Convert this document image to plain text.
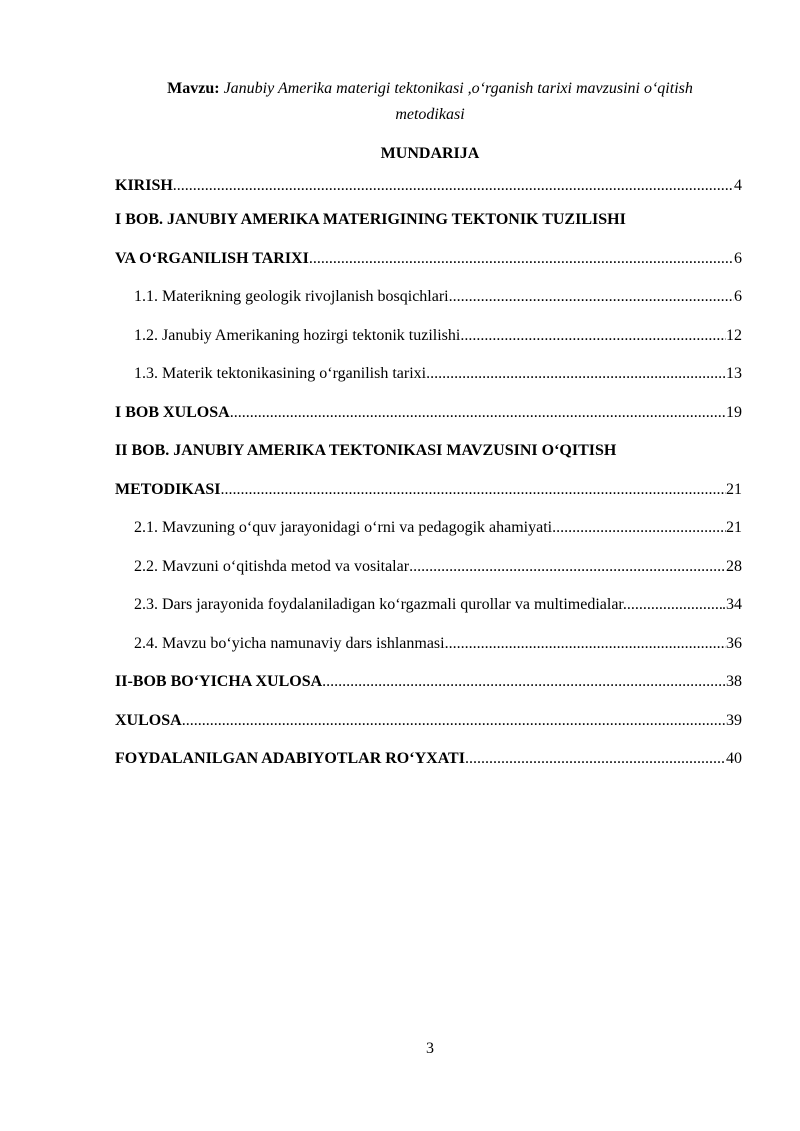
Mavzu: Janubiy Amerika materigi tektonikasi ,o‘rganish tarixi mavzusini o‘qitish
metodikasi
MUNDARIJA
KIRISH .....	4
I BOB. JANUBIY AMERIKA MATERIGINING TEKTONIK TUZILISHI
VA O‘RGANILISH TARIXI .....	6
1.1. Materikning geologik rivojlanish bosqichlari .....	6
1.2. Janubiy Amerikaning hozirgi tektonik tuzilishi .....	12
1.3. Materik tektonikasining o‘rganilish tarixi .....	13
I BOB XULOSA .....	19
II BOB. JANUBIY AMERIKA TEKTONIKASI MAVZUSINI O‘QITISH
METODIKASI .....	21
2.1. Mavzuning o‘quv jarayonidagi o‘rni va pedagogik ahamiyati .....	21
2.2. Mavzuni o‘qitishda metod va vositalar .....	28
2.3. Dars jarayonida foydalaniladigan ko‘rgazmali qurollar va multimedialar. .....	.34
2.4. Mavzu bo‘yicha namunaviy dars ishlanmasi .....	36
II-BOB BO‘YICHA XULOSA .....	38
XULOSA .....	39
FOYDALANILGAN ADABIYOTLAR RO‘YXATI .....	40
3
